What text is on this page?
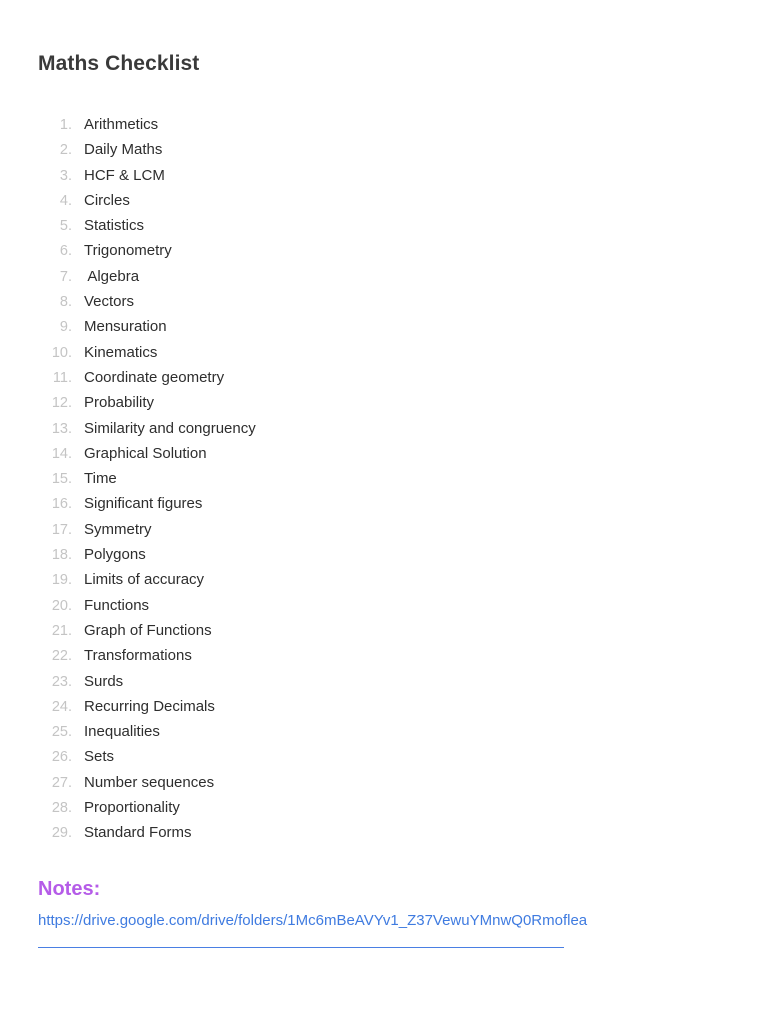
Maths Checklist
1. Arithmetics
2. Daily Maths
3. HCF & LCM
4. Circles
5. Statistics
6. Trigonometry
7. Algebra
8. Vectors
9. Mensuration
10. Kinematics
11. Coordinate geometry
12. Probability
13. Similarity and congruency
14. Graphical Solution
15. Time
16. Significant figures
17. Symmetry
18. Polygons
19. Limits of accuracy
20. Functions
21. Graph of Functions
22. Transformations
23. Surds
24. Recurring Decimals
25. Inequalities
26. Sets
27. Number sequences
28. Proportionality
29. Standard Forms
Notes:
https://drive.google.com/drive/folders/1Mc6mBeAVYv1_Z37VewuYMnwQ0Rmoflea
